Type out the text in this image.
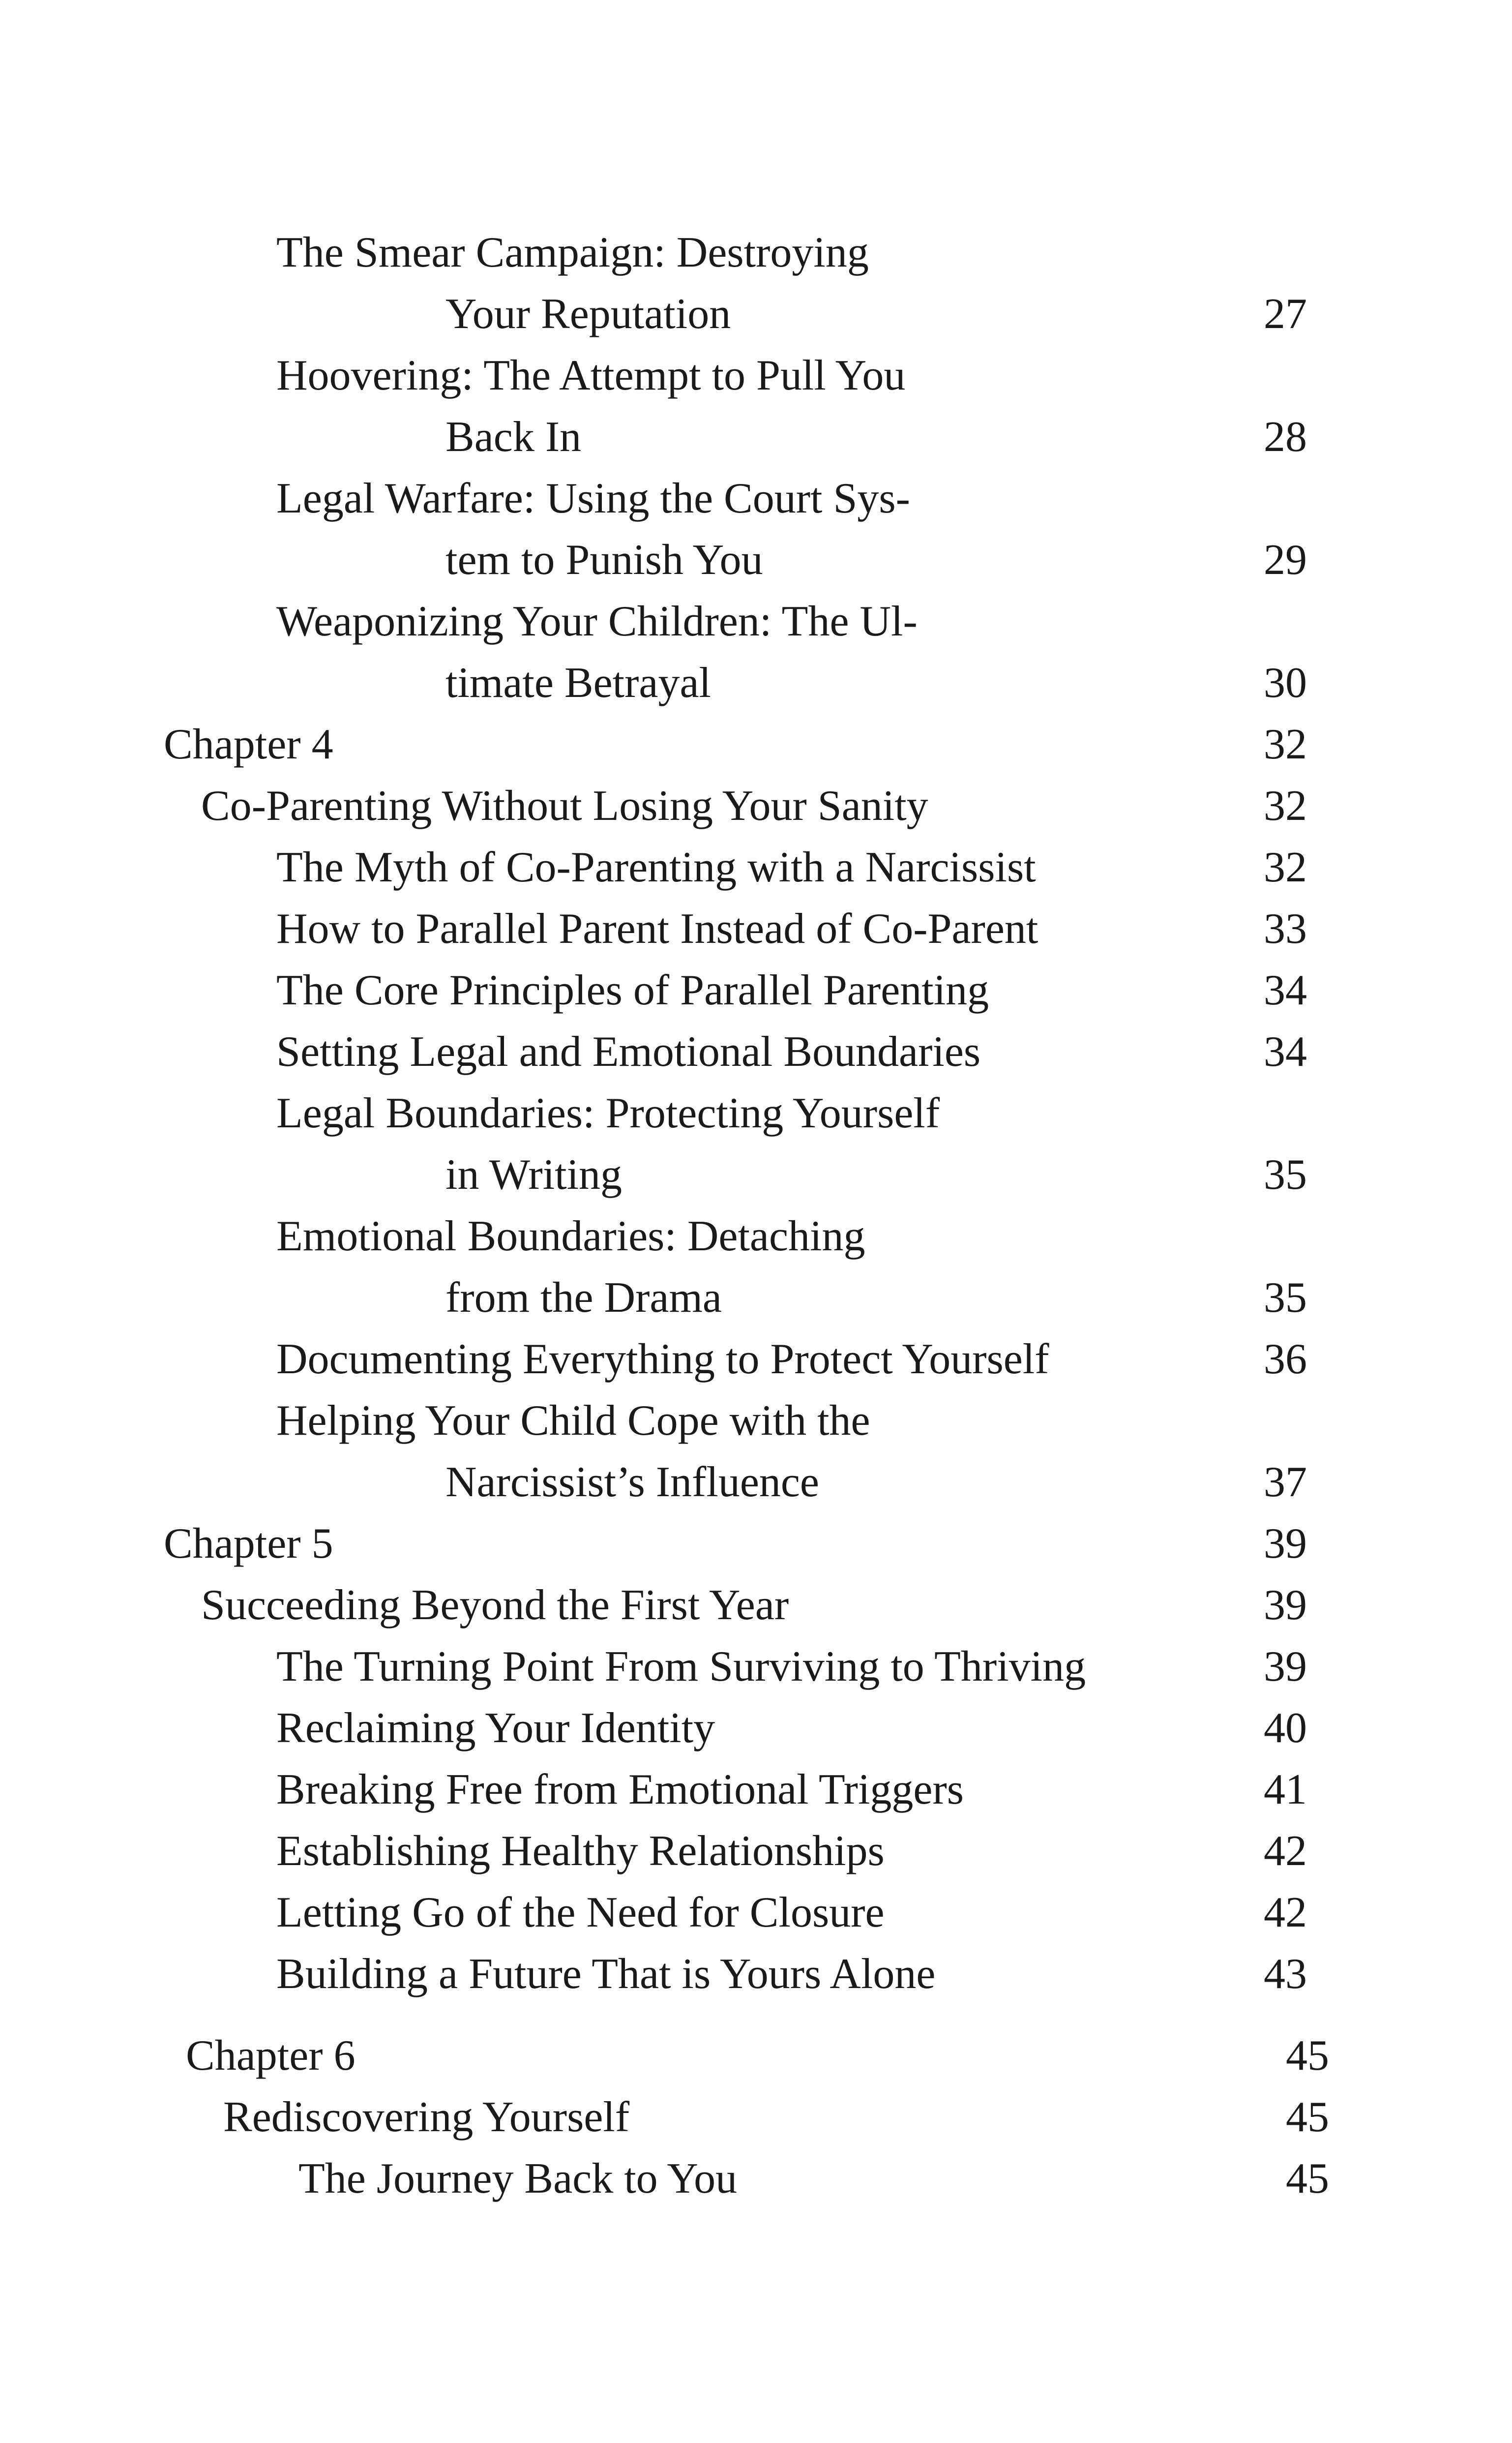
The Smear Campaign: Destroying
Your Reputation	27
Hoovering: The Attempt to Pull You
Back In	28
Legal Warfare: Using the Court Sys-
tem to Punish You	29
Weaponizing Your Children: The Ul-
timate Betrayal	30
Chapter 4	32
Co-Parenting Without Losing Your Sanity	32
The Myth of Co-Parenting with a Narcissist	32
How to Parallel Parent Instead of Co-Parent	33
The Core Principles of Parallel Parenting	34
Setting Legal and Emotional Boundaries	34
Legal Boundaries: Protecting Yourself
in Writing	35
Emotional Boundaries: Detaching
from the Drama	35
Documenting Everything to Protect Yourself	36
Helping Your Child Cope with the
Narcissist’s Influence	37
Chapter 5	39
Succeeding Beyond the First Year	39
The Turning Point From Surviving to Thriving	39
Reclaiming Your Identity	40
Breaking Free from Emotional Triggers	41
Establishing Healthy Relationships	42
Letting Go of the Need for Closure	42
Building a Future That is Yours Alone	43
Chapter 6	45
Rediscovering Yourself	45
The Journey Back to You	45
